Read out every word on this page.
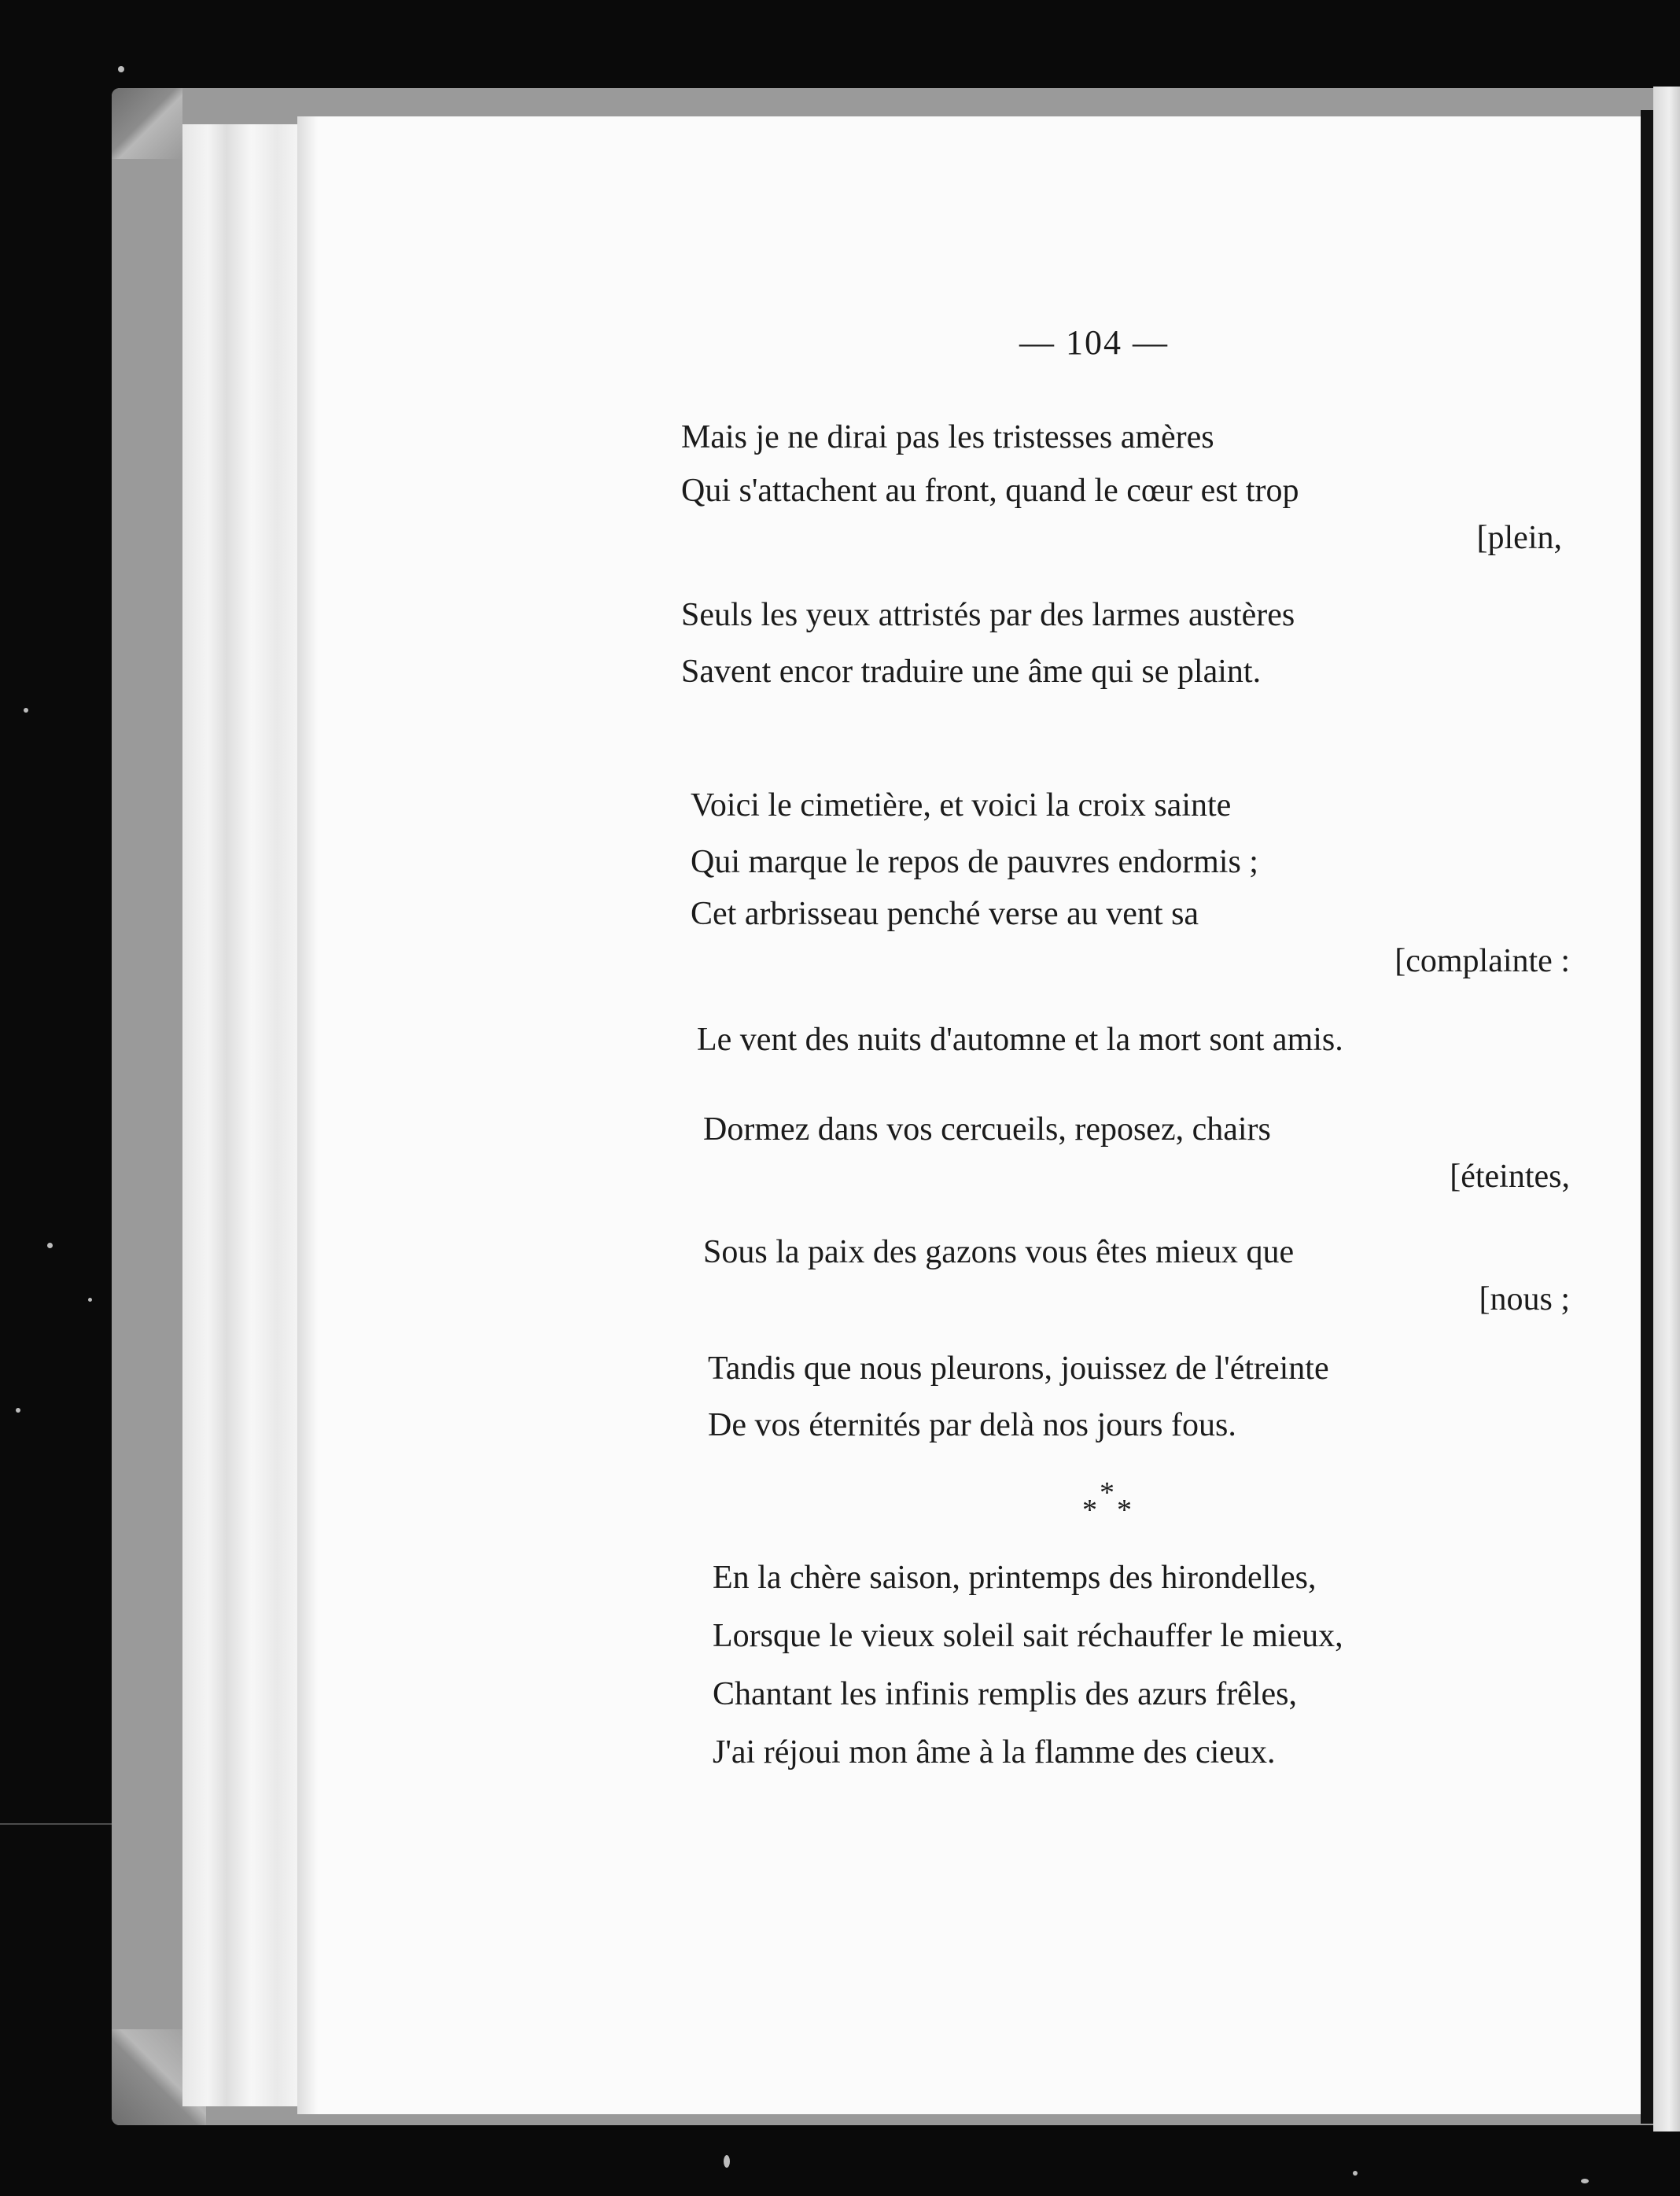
— 104 —
Mais je ne dirai pas les tristesses amères
Qui s'attachent au front, quand le cœur est trop
[plein,
Seuls les yeux attristés par des larmes austères
Savent encor traduire une âme qui se plaint.
Voici le cimetière, et voici la croix sainte
Qui marque le repos de pauvres endormis ;
Cet arbrisseau penché verse au vent sa
[complainte :
Le vent des nuits d'automne et la mort sont amis.
Dormez dans vos cercueils, reposez, chairs
[éteintes,
Sous la paix des gazons vous êtes mieux que
[nous ;
Tandis que nous pleurons, jouissez de l'étreinte
De vos éternités par delà nos jours fous.
*
* *
En la chère saison, printemps des hirondelles,
Lorsque le vieux soleil sait réchauffer le mieux,
Chantant les infinis remplis des azurs frêles,
J'ai réjoui mon âme à la flamme des cieux.
